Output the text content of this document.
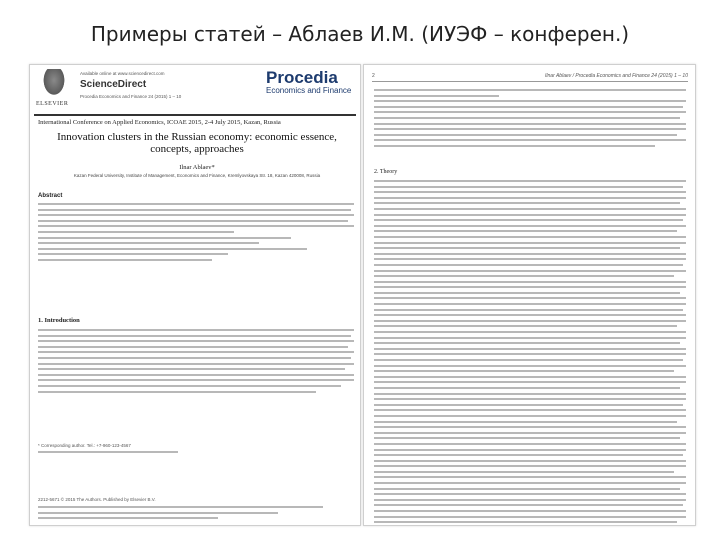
Примеры статей – Аблаев И.М. (ИУЭФ – конферен.)
ELSEVIER
Available online at www.sciencedirect.com
ScienceDirect
Procedia Economics and Finance 24 (2015) 1 – 10
Procedia
Economics and Finance
International Conference on Applied Economics, ICOAE 2015, 2-4 July 2015, Kazan, Russia
Innovation clusters in the Russian economy: economic essence, concepts, approaches
Ilnar Ablaev*
Kazan Federal University, Institute of Management, Economics and Finance, Kremlyovskaya Str. 18, Kazan 420008, Russia
Abstract
1. Introduction
* Corresponding author. Tel.: +7-960-123-4567
2212-5671 © 2015 The Authors. Published by Elsevier B.V.
2	Ilnar Ablaev / Procedia Economics and Finance 24 (2015) 1 – 10
2. Theory
